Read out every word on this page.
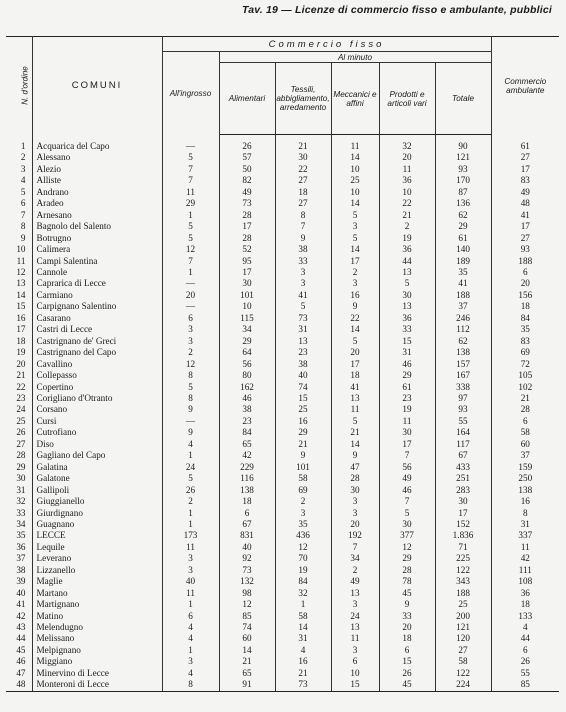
Tav. 19 — Licenze di commercio fisso e ambulante, pubblici
N. d'ordine	COMUNI	Commercio fisso						Commercio ambulante
		All'ingrosso	Al minuto					
			Alimentari	Tessili, abbigliamento, arredamento	Meccanici e affini	Prodotti e articoli vari	Totale	
1	Acquarica del Capo	—	26	21	11	32	90	61
2	Alessano	5	57	30	14	20	121	27
3	Alezio	7	50	22	10	11	93	17
4	Alliste	7	82	27	25	36	170	83
5	Andrano	11	49	18	10	10	87	49
6	Aradeo	29	73	27	14	22	136	48
7	Arnesano	1	28	8	5	21	62	41
8	Bagnolo del Salento	5	17	7	3	2	29	17
9	Botrugno	5	28	9	5	19	61	27
10	Calimera	12	52	38	14	36	140	93
11	Campi Salentina	7	95	33	17	44	189	188
12	Cannole	1	17	3	2	13	35	6
13	Caprarica di Lecce	—	30	3	3	5	41	20
14	Carmiano	20	101	41	16	30	188	156
15	Carpignano Salentino	—	10	5	9	13	37	18
16	Casarano	6	115	73	22	36	246	84
17	Castri di Lecce	3	34	31	14	33	112	35
18	Castrignano de' Greci	3	29	13	5	15	62	83
19	Castrignano del Capo	2	64	23	20	31	138	69
20	Cavallino	12	56	38	17	46	157	72
21	Collepasso	8	80	40	18	29	167	105
22	Copertino	5	162	74	41	61	338	102
23	Corigliano d'Otranto	8	46	15	13	23	97	21
24	Corsano	9	38	25	11	19	93	28
25	Cursi	—	23	16	5	11	55	6
26	Cutrofiano	9	84	29	21	30	164	58
27	Diso	4	65	21	14	17	117	60
28	Gagliano del Capo	1	42	9	9	7	67	37
29	Galatina	24	229	101	47	56	433	159
30	Galatone	5	116	58	28	49	251	250
31	Gallipoli	26	138	69	30	46	283	138
32	Giuggianello	2	18	2	3	7	30	16
33	Giurdignano	1	6	3	3	5	17	8
34	Guagnano	1	67	35	20	30	152	31
35	LECCE	173	831	436	192	377	1.836	337
36	Lequile	11	40	12	7	12	71	11
37	Leverano	3	92	70	34	29	225	42
38	Lizzanello	3	73	19	2	28	122	111
39	Maglie	40	132	84	49	78	343	108
40	Martano	11	98	32	13	45	188	36
41	Martignano	1	12	1	3	9	25	18
42	Matino	6	85	58	24	33	200	133
43	Melendugno	4	74	14	13	20	121	4
44	Melissano	4	60	31	11	18	120	44
45	Melpignano	1	14	4	3	6	27	6
46	Miggiano	3	21	16	6	15	58	26
47	Minervino di Lecce	4	65	21	10	26	122	55
48	Monteroni di Lecce	8	91	73	15	45	224	85
